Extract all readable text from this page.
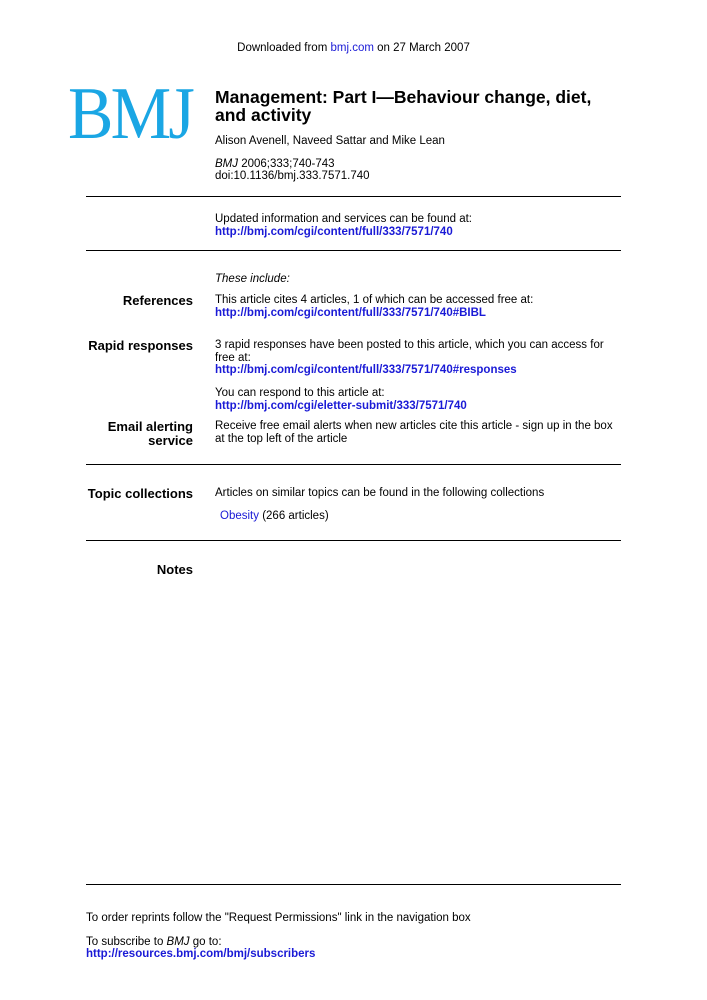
Downloaded from bmj.com on 27 March 2007
BMJ Management: Part I—Behaviour change, diet,
and activity
Alison Avenell, Naveed Sattar and Mike Lean
BMJ 2006;333;740-743
doi:10.1136/bmj.333.7571.740
Updated information and services can be found at:
http://bmj.com/cgi/content/full/333/7571/740
These include:
References This article cites 4 articles, 1 of which can be accessed free at:
http://bmj.com/cgi/content/full/333/7571/740#BIBL
Rapid responses 3 rapid responses have been posted to this article, which you can access for free at:
http://bmj.com/cgi/content/full/333/7571/740#responses
You can respond to this article at:
http://bmj.com/cgi/eletter-submit/333/7571/740
Email alerting
service
Receive free email alerts when new articles cite this article - sign up in the box at the top left of the article
Topic collections Articles on similar topics can be found in the following collections
Obesity (266 articles)
Notes
To order reprints follow the "Request Permissions" link in the navigation box
To subscribe to BMJ go to:
http://resources.bmj.com/bmj/subscribers
